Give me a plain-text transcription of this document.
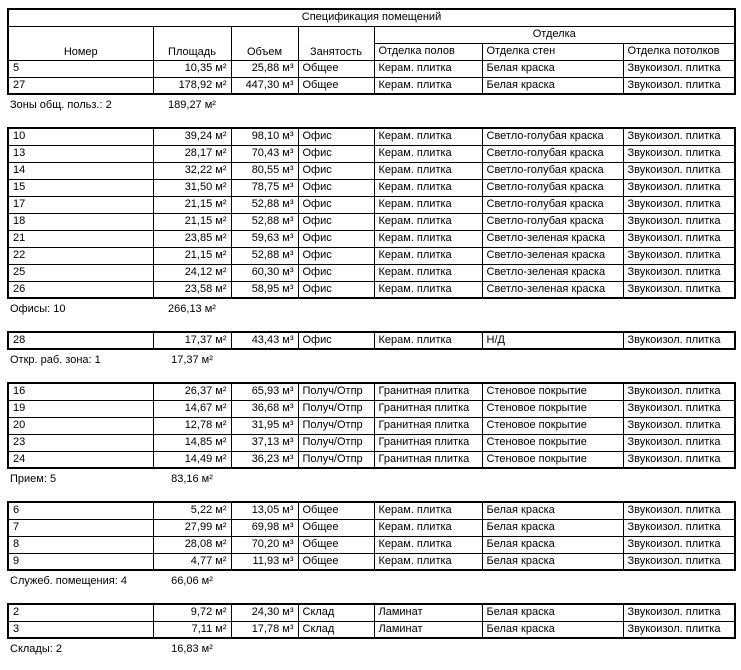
Спецификация помещений						
Номер	Площадь	Объем	Занятость	Отделка		
				Отделка полов	Отделка стен	Отделка потолков
5	10,35 м²	25,88 м³	Общее	Керам. плитка	Белая краска	Звукоизол. плитка
27	178,92 м²	447,30 м³	Общее	Керам. плитка	Белая краска	Звукоизол. плитка
Зоны общ. польз.: 2	189,27 м²
10	39,24 м²	98,10 м³	Офис	Керам. плитка	Светло-голубая краска	Звукоизол. плитка
13	28,17 м²	70,43 м³	Офис	Керам. плитка	Светло-голубая краска	Звукоизол. плитка
14	32,22 м²	80,55 м³	Офис	Керам. плитка	Светло-голубая краска	Звукоизол. плитка
15	31,50 м²	78,75 м³	Офис	Керам. плитка	Светло-голубая краска	Звукоизол. плитка
17	21,15 м²	52,88 м³	Офис	Керам. плитка	Светло-голубая краска	Звукоизол. плитка
18	21,15 м²	52,88 м³	Офис	Керам. плитка	Светло-голубая краска	Звукоизол. плитка
21	23,85 м²	59,63 м³	Офис	Керам. плитка	Светло-зеленая краска	Звукоизол. плитка
22	21,15 м²	52,88 м³	Офис	Керам. плитка	Светло-зеленая краска	Звукоизол. плитка
25	24,12 м²	60,30 м³	Офис	Керам. плитка	Светло-зеленая краска	Звукоизол. плитка
26	23,58 м²	58,95 м³	Офис	Керам. плитка	Светло-зеленая краска	Звукоизол. плитка
Офисы: 10	266,13 м²
28	17,37 м²	43,43 м³	Офис	Керам. плитка	Н/Д	Звукоизол. плитка
Откр. раб. зона: 1	17,37 м²
16	26,37 м²	65,93 м³	Получ/Отпр	Гранитная плитка	Стеновое покрытие	Звукоизол. плитка
19	14,67 м²	36,68 м³	Получ/Отпр	Гранитная плитка	Стеновое покрытие	Звукоизол. плитка
20	12,78 м²	31,95 м³	Получ/Отпр	Гранитная плитка	Стеновое покрытие	Звукоизол. плитка
23	14,85 м²	37,13 м³	Получ/Отпр	Гранитная плитка	Стеновое покрытие	Звукоизол. плитка
24	14,49 м²	36,23 м³	Получ/Отпр	Гранитная плитка	Стеновое покрытие	Звукоизол. плитка
Прием: 5	83,16 м²
6	5,22 м²	13,05 м³	Общее	Керам. плитка	Белая краска	Звукоизол. плитка
7	27,99 м²	69,98 м³	Общее	Керам. плитка	Белая краска	Звукоизол. плитка
8	28,08 м²	70,20 м³	Общее	Керам. плитка	Белая краска	Звукоизол. плитка
9	4,77 м²	11,93 м³	Общее	Керам. плитка	Белая краска	Звукоизол. плитка
Служеб. помещения: 4	66,06 м²
2	9,72 м²	24,30 м³	Склад	Ламинат	Белая краска	Звукоизол. плитка
3	7,11 м²	17,78 м³	Склад	Ламинат	Белая краска	Звукоизол. плитка
Склады: 2	16,83 м²
